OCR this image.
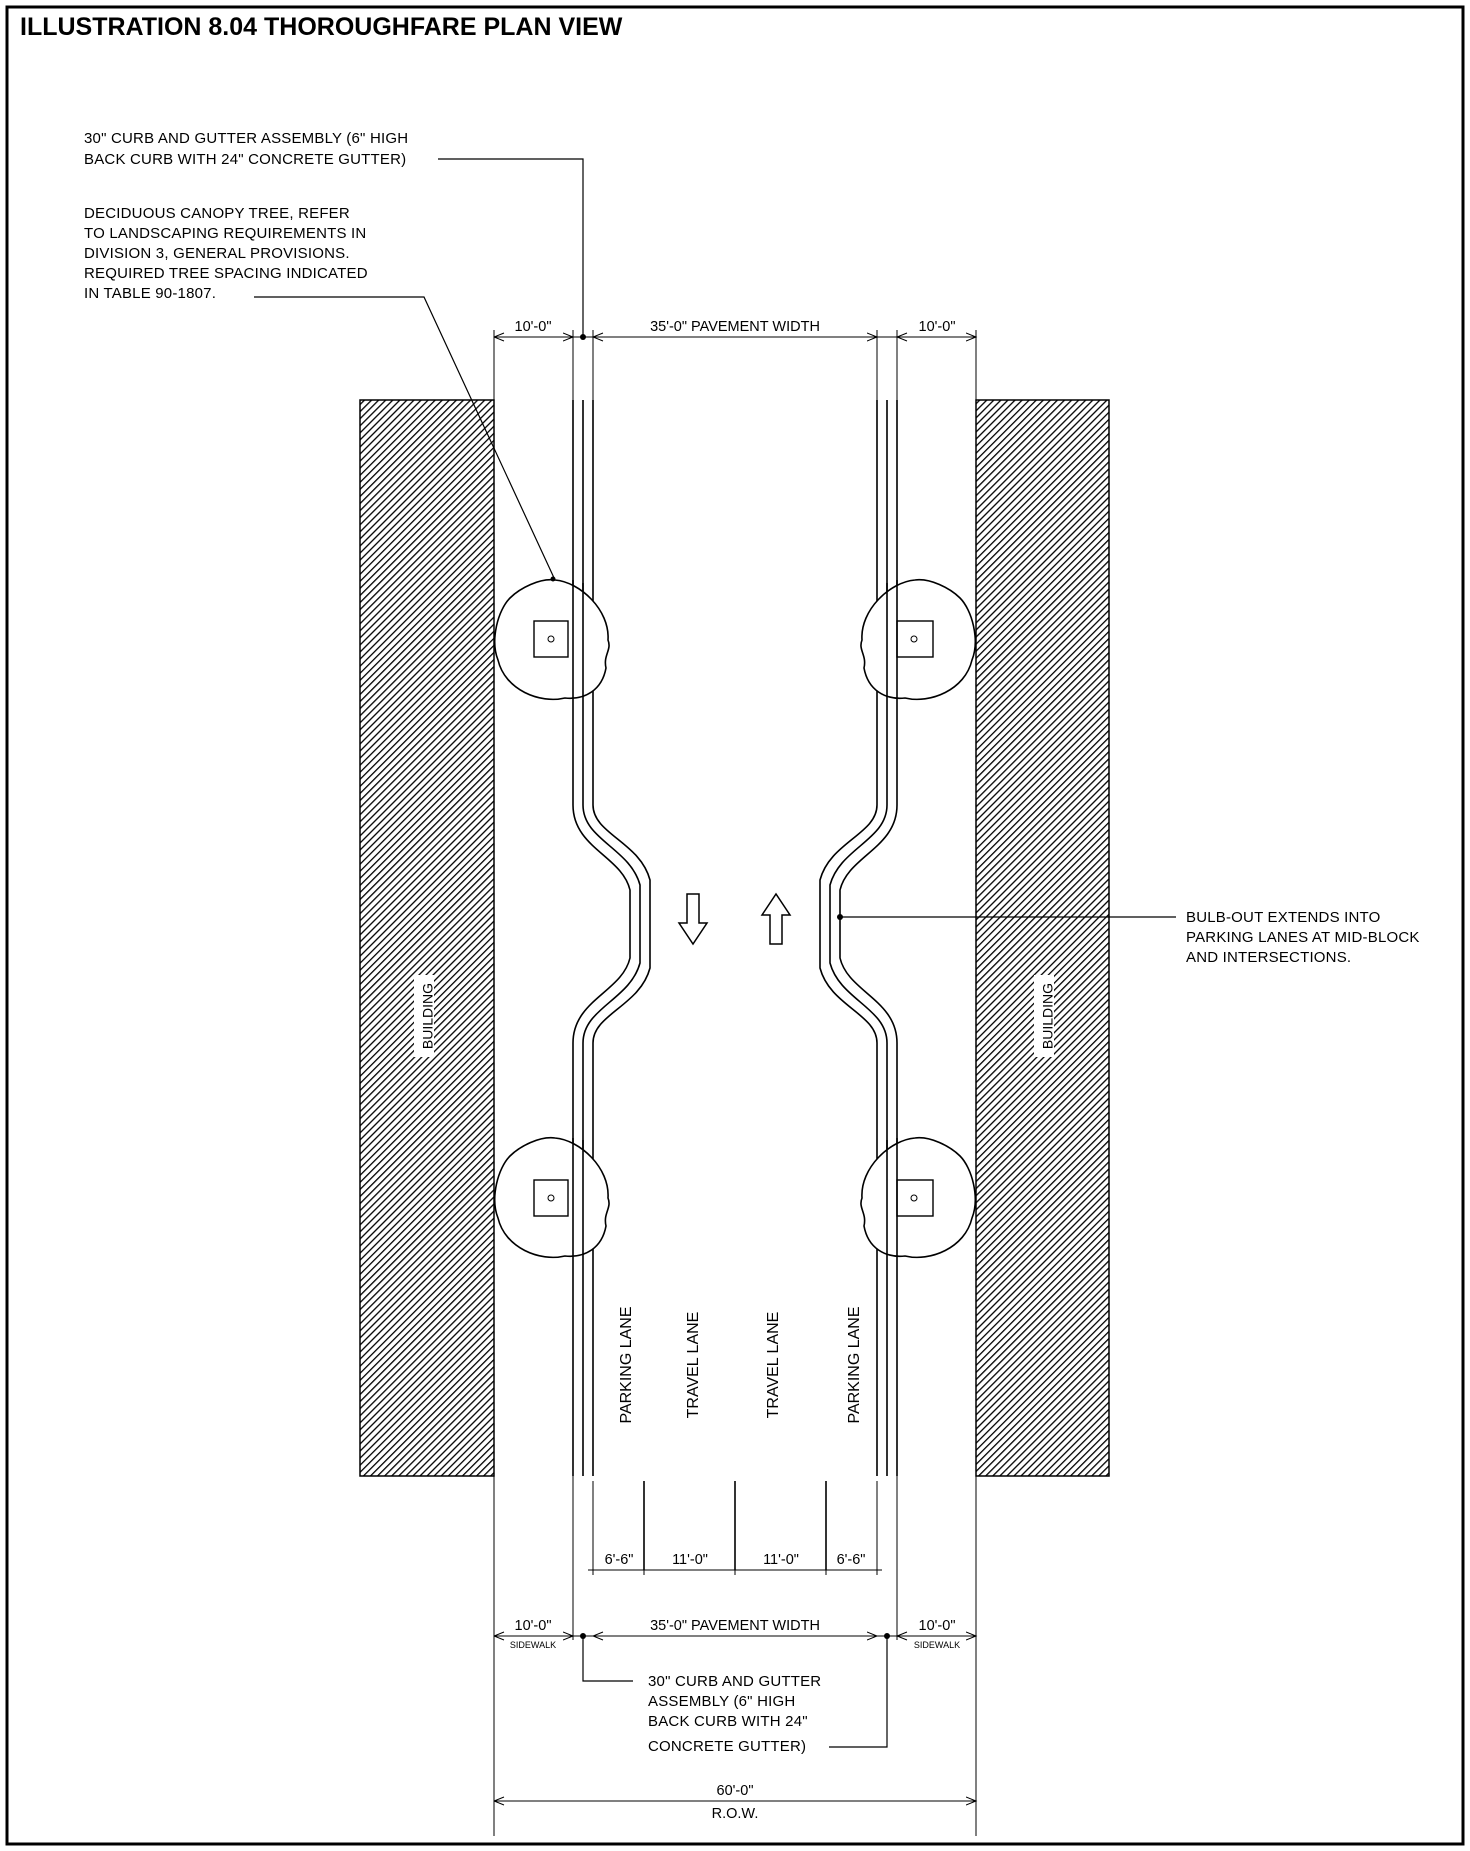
ILLUSTRATION 8.04 THOROUGHFARE PLAN VIEW
BUILDING	BUILDING
PARKING LANE	TRAVEL LANE	TRAVEL LANE	PARKING LANE
10'-0"	35'-0" PAVEMENT WIDTH	10'-0"
6'-6"	11'-0"	11'-0"	6'-6"
10'-0"	35'-0" PAVEMENT WIDTH	10'-0"
SIDEWALK	SIDEWALK
60'-0"
R.O.W.
30" CURB AND GUTTER ASSEMBLY (6" HIGH
BACK CURB WITH 24" CONCRETE GUTTER)
DECIDUOUS CANOPY TREE, REFER
TO LANDSCAPING REQUIREMENTS IN
DIVISION 3, GENERAL PROVISIONS.
REQUIRED TREE SPACING INDICATED
IN TABLE 90-1807.
BULB-OUT EXTENDS INTO
PARKING LANES AT MID-BLOCK
AND INTERSECTIONS.
30" CURB AND GUTTER
ASSEMBLY (6" HIGH
BACK CURB WITH 24"
CONCRETE GUTTER)
